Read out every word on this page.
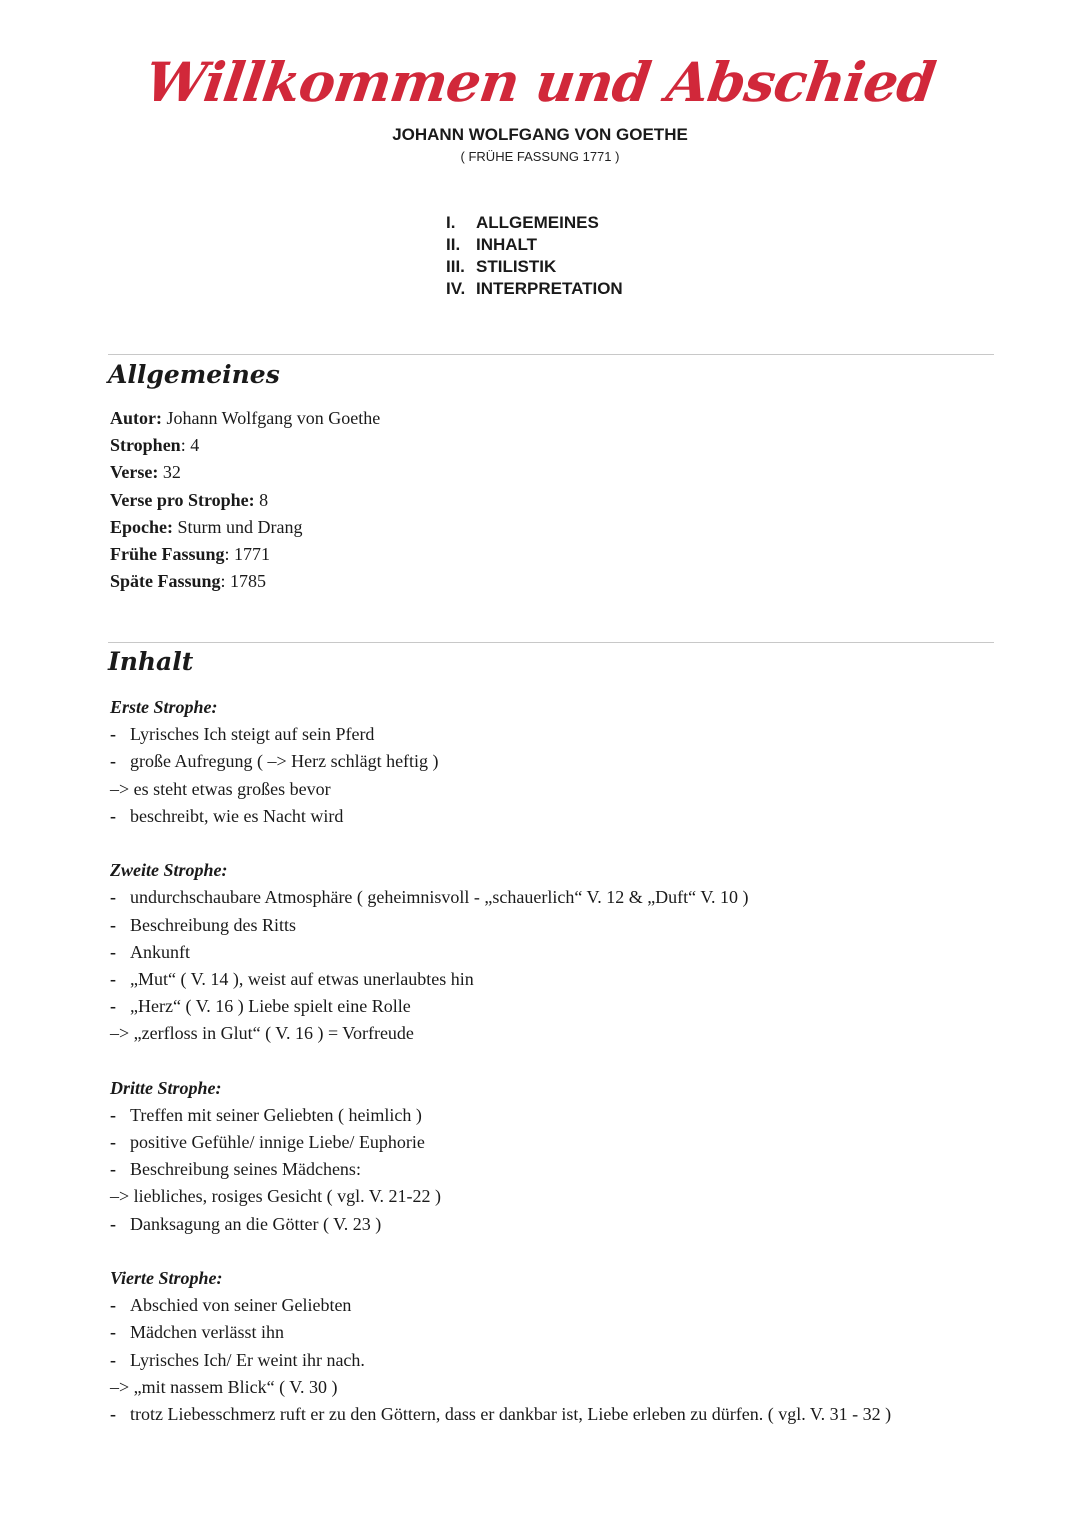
Willkommen und Abschied
JOHANN WOLFGANG VON GOETHE
( FRÜHE FASSUNG 1771 )
I.	ALLGEMEINES
II. INHALT
III. STILISTIK
IV. INTERPRETATION
Allgemeines
Autor: Johann Wolfgang von Goethe
Strophen: 4
Verse: 32
Verse pro Strophe: 8
Epoche: Sturm und Drang
Frühe Fassung: 1771
Späte Fassung: 1785
Inhalt
Erste Strophe:
- Lyrisches Ich steigt auf sein Pferd
- große Aufregung ( –> Herz schlägt heftig )
–> es steht etwas großes bevor
- beschreibt, wie es Nacht wird
Zweite Strophe:
- undurchschaubare Atmosphäre ( geheimnisvoll - „schauerlich“ V. 12 & „Duft“ V. 10 )
- Beschreibung des Ritts
- Ankunft
- „Mut“ ( V. 14 ), weist auf etwas unerlaubtes hin
- „Herz“ ( V. 16 ) Liebe spielt eine Rolle
–> „zerfloss in Glut“ ( V. 16 ) = Vorfreude
Dritte Strophe:
- Treffen mit seiner Geliebten ( heimlich )
- positive Gefühle/ innige Liebe/ Euphorie
- Beschreibung seines Mädchens:
–> liebliches, rosiges Gesicht ( vgl. V. 21-22 )
- Danksagung an die Götter ( V. 23 )
Vierte Strophe:
- Abschied von seiner Geliebten
- Mädchen verlässt ihn
- Lyrisches Ich/ Er weint ihr nach.
–> „mit nassem Blick“ ( V. 30 )
- trotz Liebesschmerz ruft er zu den Göttern, dass er dankbar ist, Liebe erleben zu dürfen. ( vgl. V. 31 - 32 )
